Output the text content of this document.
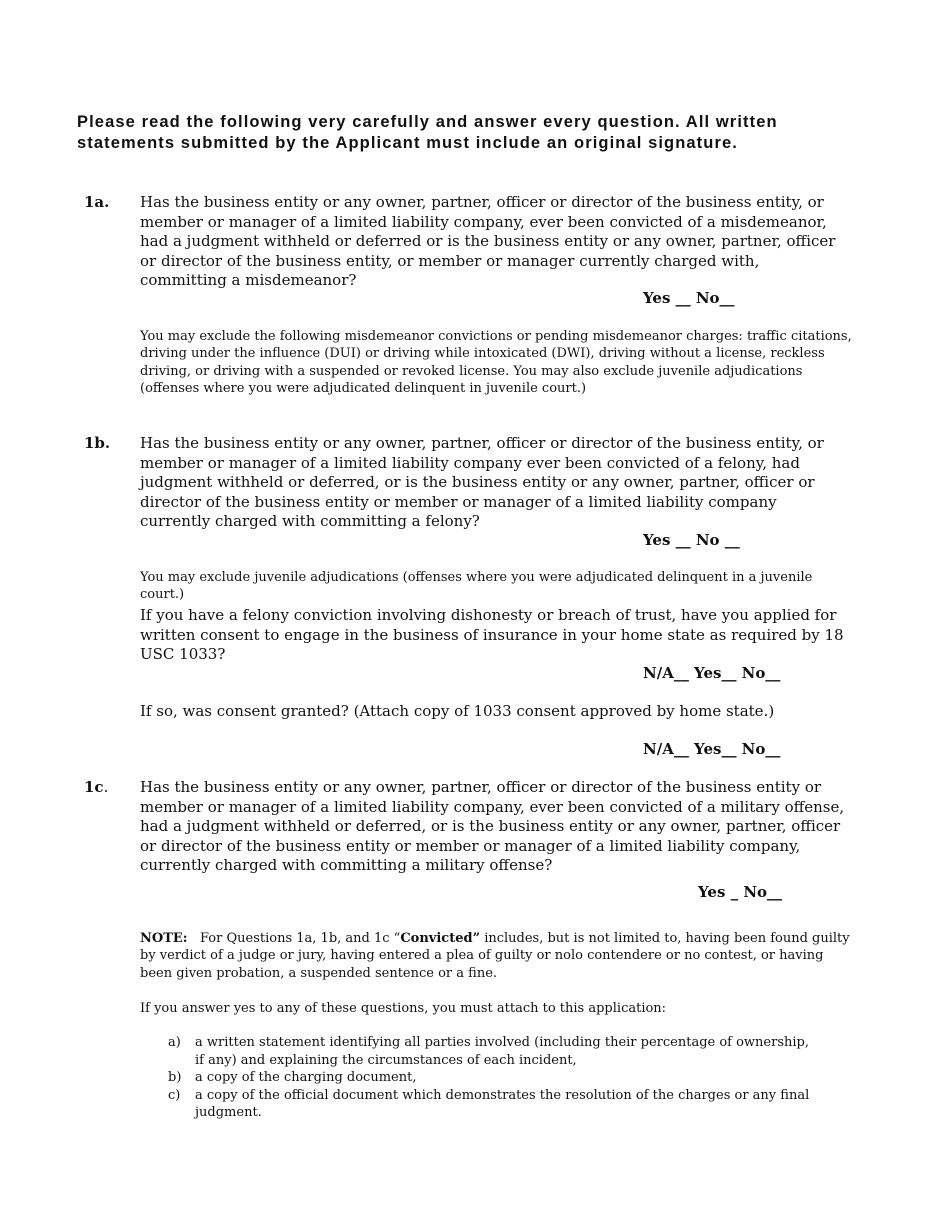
Please read the following very carefully and answer every question. All written
statements submitted by the Applicant must include an original signature.
1a. Has the business entity or any owner, partner, officer or director of the business entity, or member or manager of a limited liability company, ever been convicted of a misdemeanor, had a judgment withheld or deferred or is the business entity or any owner, partner, officer or director of the business entity, or member or manager currently charged with, committing a misdemeanor?
Yes __ No__
You may exclude the following misdemeanor convictions or pending misdemeanor charges: traffic citations, driving under the influence (DUI) or driving while intoxicated (DWI), driving without a license, reckless driving, or driving with a suspended or revoked license. You may also exclude juvenile adjudications (offenses where you were adjudicated delinquent in juvenile court.)
1b. Has the business entity or any owner, partner, officer or director of the business entity, or member or manager of a limited liability company ever been convicted of a felony, had judgment withheld or deferred, or is the business entity or any owner, partner, officer or director of the business entity or member or manager of a limited liability company currently charged with committing a felony?
Yes __ No __
You may exclude juvenile adjudications (offenses where you were adjudicated delinquent in a juvenile court.)
If you have a felony conviction involving dishonesty or breach of trust, have you applied for written consent to engage in the business of insurance in your home state as required by 18 USC 1033?
N/A__ Yes__ No__
If so, was consent granted? (Attach copy of 1033 consent approved by home state.)
N/A__ Yes__ No__
1c. Has the business entity or any owner, partner, officer or director of the business entity or member or manager of a limited liability company, ever been convicted of a military offense, had a judgment withheld or deferred, or is the business entity or any owner, partner, officer or director of the business entity or member or manager of a limited liability company, currently charged with committing a military offense?
Yes _ No__
NOTE: For Questions 1a, 1b, and 1c “Convicted” includes, but is not limited to, having been found guilty by verdict of a judge or jury, having entered a plea of guilty or nolo contendere or no contest, or having been given probation, a suspended sentence or a fine.
If you answer yes to any of these questions, you must attach to this application:
a) a written statement identifying all parties involved (including their percentage of ownership,
if any) and explaining the circumstances of each incident,
b) a copy of the charging document,
c) a copy of the official document which demonstrates the resolution of the charges or any final judgment.
